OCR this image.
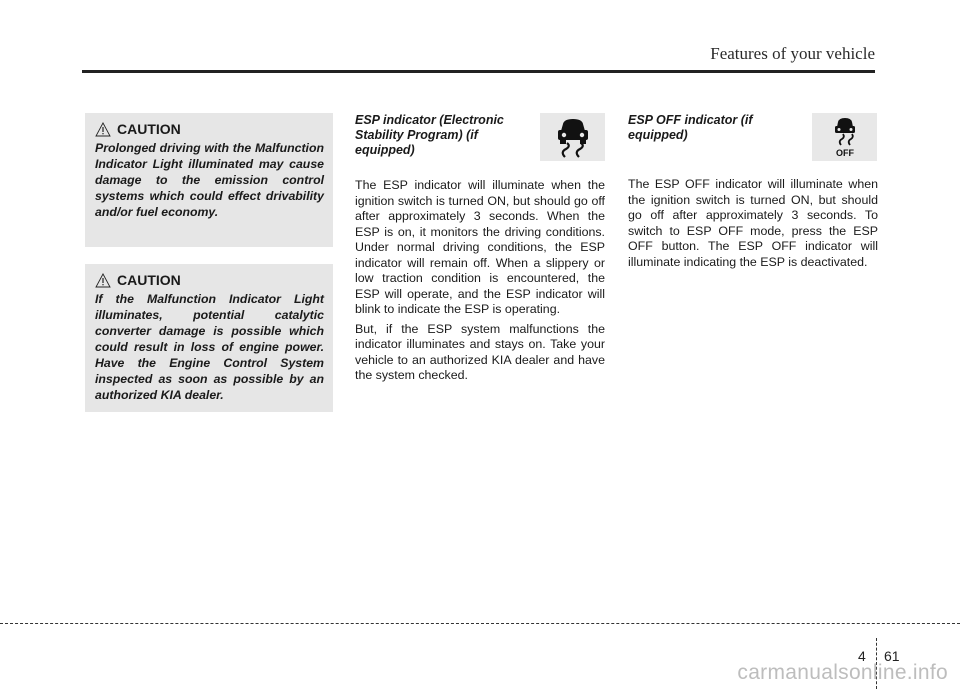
Features of your vehicle
CAUTION

Prolonged driving with the Malfunction Indicator Light illuminated may cause damage to the emission control systems which could effect drivability and/or fuel economy.

CAUTION

If the Malfunction Indicator Light illuminates, potential catalytic converter damage is possible which could result in loss of engine power. Have the Engine Control System inspected as soon as possible by an authorized KIA dealer.

ESP indicator (Electronic Stability Program) (if equipped)

The ESP indicator will illuminate when the ignition switch is turned ON, but should go off after approximately 3 seconds. When the ESP is on, it monitors the driving conditions. Under normal driving conditions, the ESP indicator will remain off. When a slippery or low traction condition is encountered, the ESP will operate, and the ESP indicator will blink to indicate the ESP is operating.

But, if the ESP system malfunctions the indicator illuminates and stays on. Take your vehicle to an authorized KIA dealer and have the system checked.

ESP OFF indicator (if equipped)

The ESP OFF indicator will illuminate when the ignition switch is turned ON, but should go off after approximately 3 seconds. To switch to ESP OFF mode, press the ESP OFF button. The ESP OFF indicator will illuminate indicating the ESP is deactivated.

OFF
4 61
carmanualsonline.info
